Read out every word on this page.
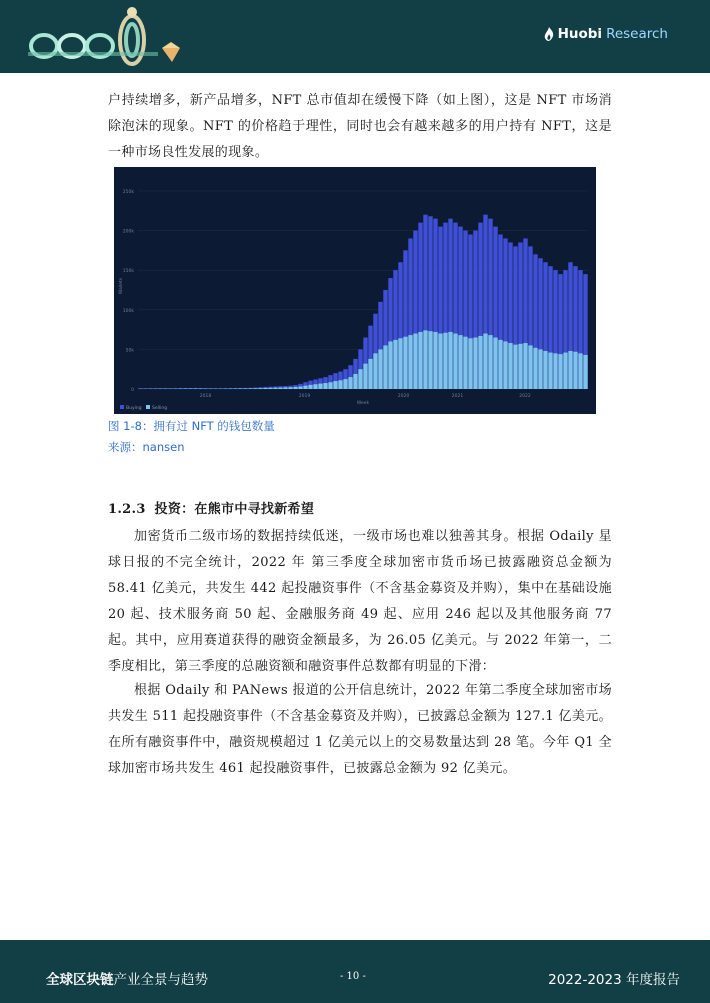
Huobi Research

户持续增多，新产品增多，NFT 总市值却在缓慢下降（如上图），这是 NFT 市场消除泡沫的现象。NFT 的价格趋于理性，同时也会有越来越多的用户持有 NFT，这是一种市场良性发展的现象。

0
50k
100k
150k
200k
250k
Wallets
2018	2019	2020	2021	2022
Week
Buying Selling

图 1-8：拥有过 NFT 的钱包数量

来源：nansen

1.2.3 投资：在熊市中寻找新希望

加密货币二级市场的数据持续低迷，一级市场也难以独善其身。根据 Odaily 星球日报的不完全统计，2022 年 第三季度全球加密市货币场已披露融资总金额为 58.41 亿美元，共发生 442 起投融资事件（不含基金募资及并购），集中在基础设施 20 起、技术服务商 50 起、金融服务商 49 起、应用 246 起以及其他服务商 77 起。其中，应用赛道获得的融资金额最多，为 26.05 亿美元。与 2022 年第一，二季度相比，第三季度的总融资额和融资事件总数都有明显的下滑：

根据 Odaily 和 PANews 报道的公开信息统计，2022 年第二季度全球加密市场共发生 511 起投融资事件（不含基金募资及并购），已披露总金额为 127.1 亿美元。在所有融资事件中，融资规模超过 1 亿美元以上的交易数量达到 28 笔。今年 Q1 全球加密市场共发生 461 起投融资事件，已披露总金额为 92 亿美元。

全球区块链产业全景与趋势	- 10 -	2022-2023 年度报告
